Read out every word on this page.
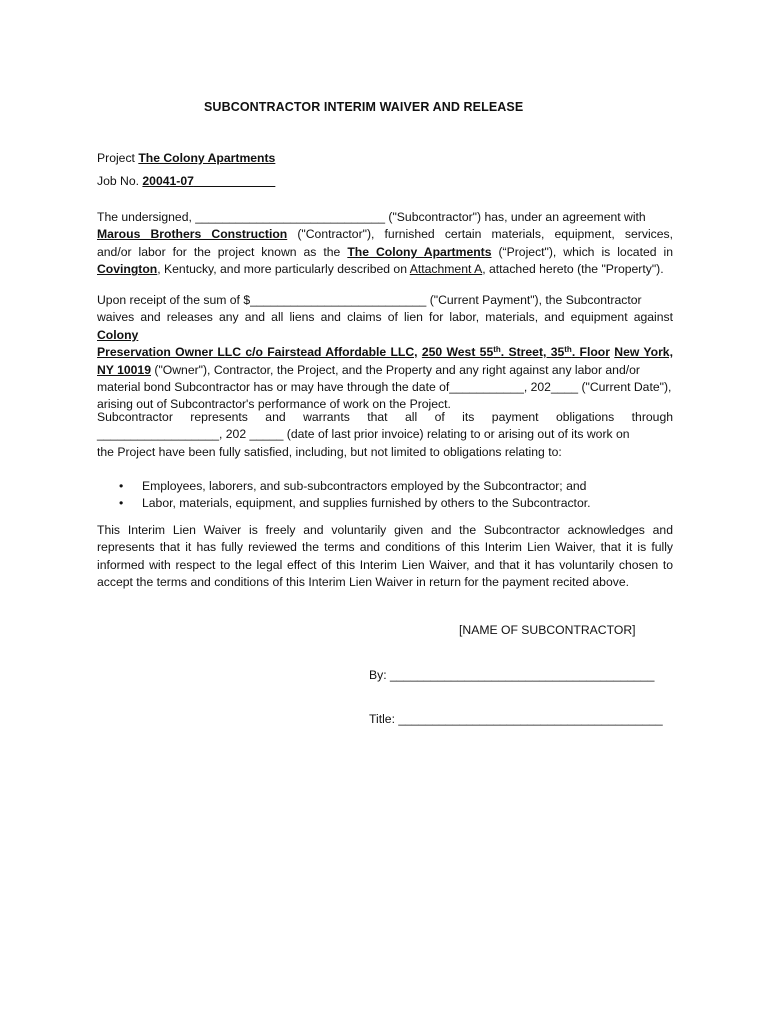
SUBCONTRACTOR INTERIM WAIVER AND RELEASE
Project The Colony Apartments
Job No. 20041-07____________
The undersigned, ____________________________ ("Subcontractor") has, under an agreement with
Marous Brothers Construction ("Contractor"), furnished certain materials, equipment, services,
and/or labor for the project known as the The Colony Apartments (“Project"), which is located in
Covington, Kentucky, and more particularly described on Attachment A, attached hereto (the "Property").
Upon receipt of the sum of $__________________________ ("Current Payment"), the Subcontractor
waives and releases any and all liens and claims of lien for labor, materials, and equipment against Colony
Preservation Owner LLC c/o Fairstead Affordable LLC, 250 West 55th. Street, 35th. Floor New York,
NY 10019 ("Owner"), Contractor, the Project, and the Property and any right against any labor and/or
material bond Subcontractor has or may have through the date of___________, 202____ ("Current Date"),
arising out of Subcontractor's performance of work on the Project.
Subcontractor represents and warrants that all of its payment obligations through
__________________, 202 _____ (date of last prior invoice) relating to or arising out of its work on
the Project have been fully satisfied, including, but not limited to obligations relating to:
• Employees, laborers, and sub-subcontractors employed by the Subcontractor; and
• Labor, materials, equipment, and supplies furnished by others to the Subcontractor.
This Interim Lien Waiver is freely and voluntarily given and the Subcontractor acknowledges and
represents that it has fully reviewed the terms and conditions of this Interim Lien Waiver, that it is fully
informed with respect to the legal effect of this Interim Lien Waiver, and that it has voluntarily chosen to
accept the terms and conditions of this Interim Lien Waiver in return for the payment recited above.
[NAME OF SUBCONTRACTOR]
By: _______________________________________
Title: _______________________________________
